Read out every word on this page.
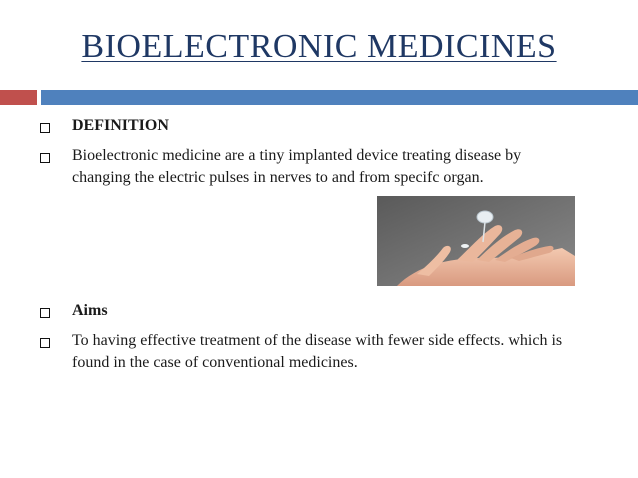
BIOELECTRONIC MEDICINES
DEFINITION
Bioelectronic medicine are a tiny implanted device treating disease by
changing the electric pulses in nerves to and from specifc organ.
Aims
To having effective treatment of the disease with fewer side effects. which is
found in the case of conventional medicines.
